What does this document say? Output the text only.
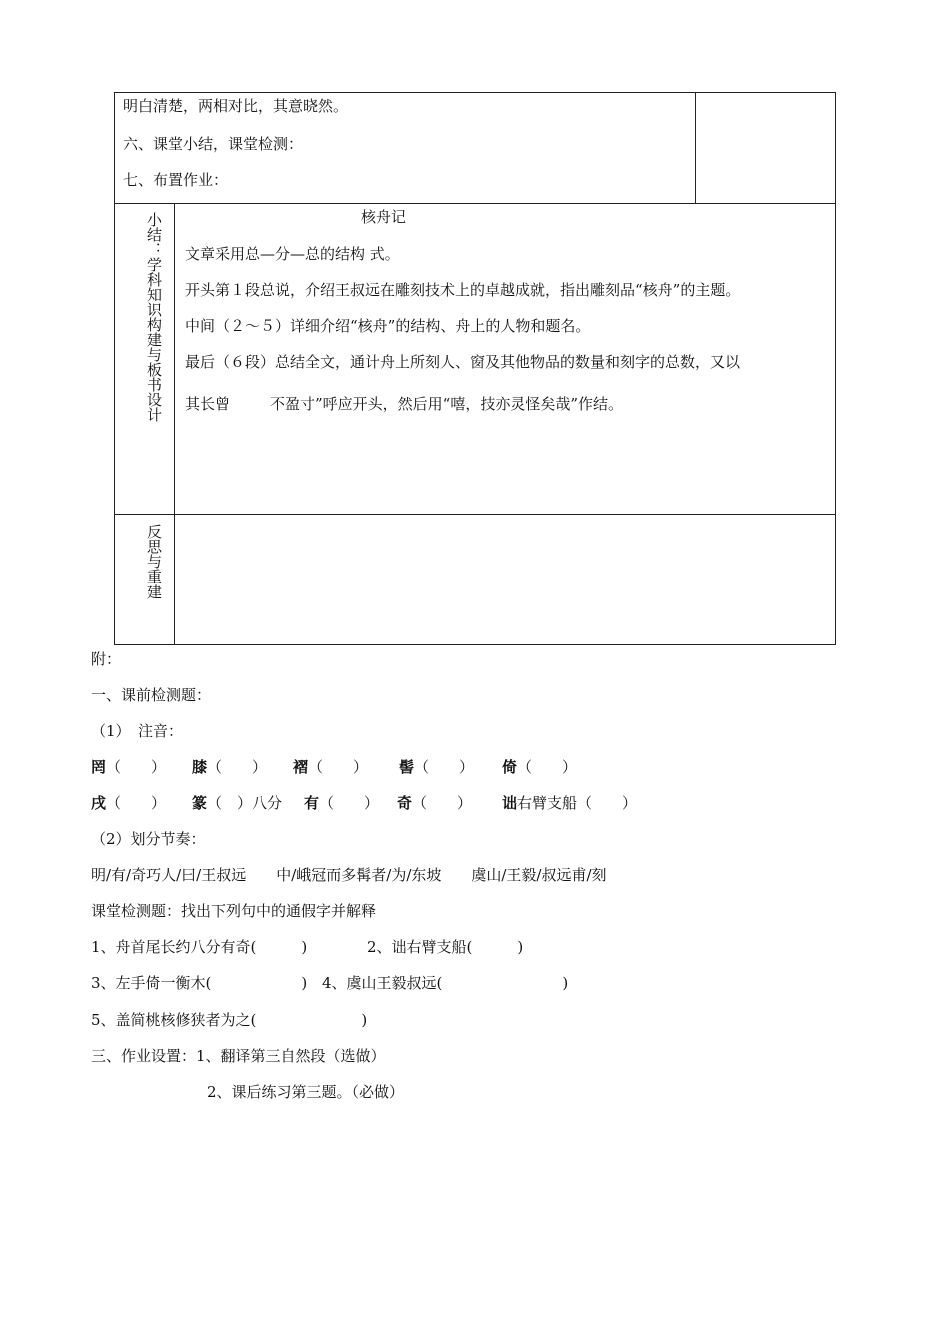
明白清楚，两相对比，其意晓然。
六、课堂小结，课堂检测：
七、布置作业：
小结：学科知识构建与板书设计	核舟记
文章采用总—分—总的结构 式。
开头第１段总说，介绍王叔远在雕刻技术上的卓越成就，指出雕刻品“核舟”的主题。
中间（２～５）详细介绍“核舟”的结构、舟上的人物和题名。
最后（６段）总结全文，通计舟上所刻人、窗及其他物品的数量和刻字的总数，又以
其长曾	不盈寸”呼应开头，然后用“嘻，技亦灵怪矣哉”作结。
反思与重建
附：
一、课前检测题：
（1）　注音：
罔（　　）	膝（　　）	褶（　　）	髻（　　）	倚（　　）
戌（　　）	篆（　）八分	有（　　）	奇（　　）	诎右臂支船（　　）
（2）划分节奏：
明/有/奇巧人/曰/王叔远　　中/峨冠而多髯者/为/东坡　　虞山/王毅/叔远甫/刻
课堂检测题：找出下列句中的通假字并解释
1、舟首尾长约八分有奇(　　　)	2、诎右臂支船(　　　)
3、左手倚一衡木(　　　　　　) 4、虞山王毅叔远(　　　　　　　　)
5、盖简桃核修狭者为之(　　　　　　　)
三、作业设置：1、翻译第三自然段（选做）
2、课后练习第三题。（必做）
